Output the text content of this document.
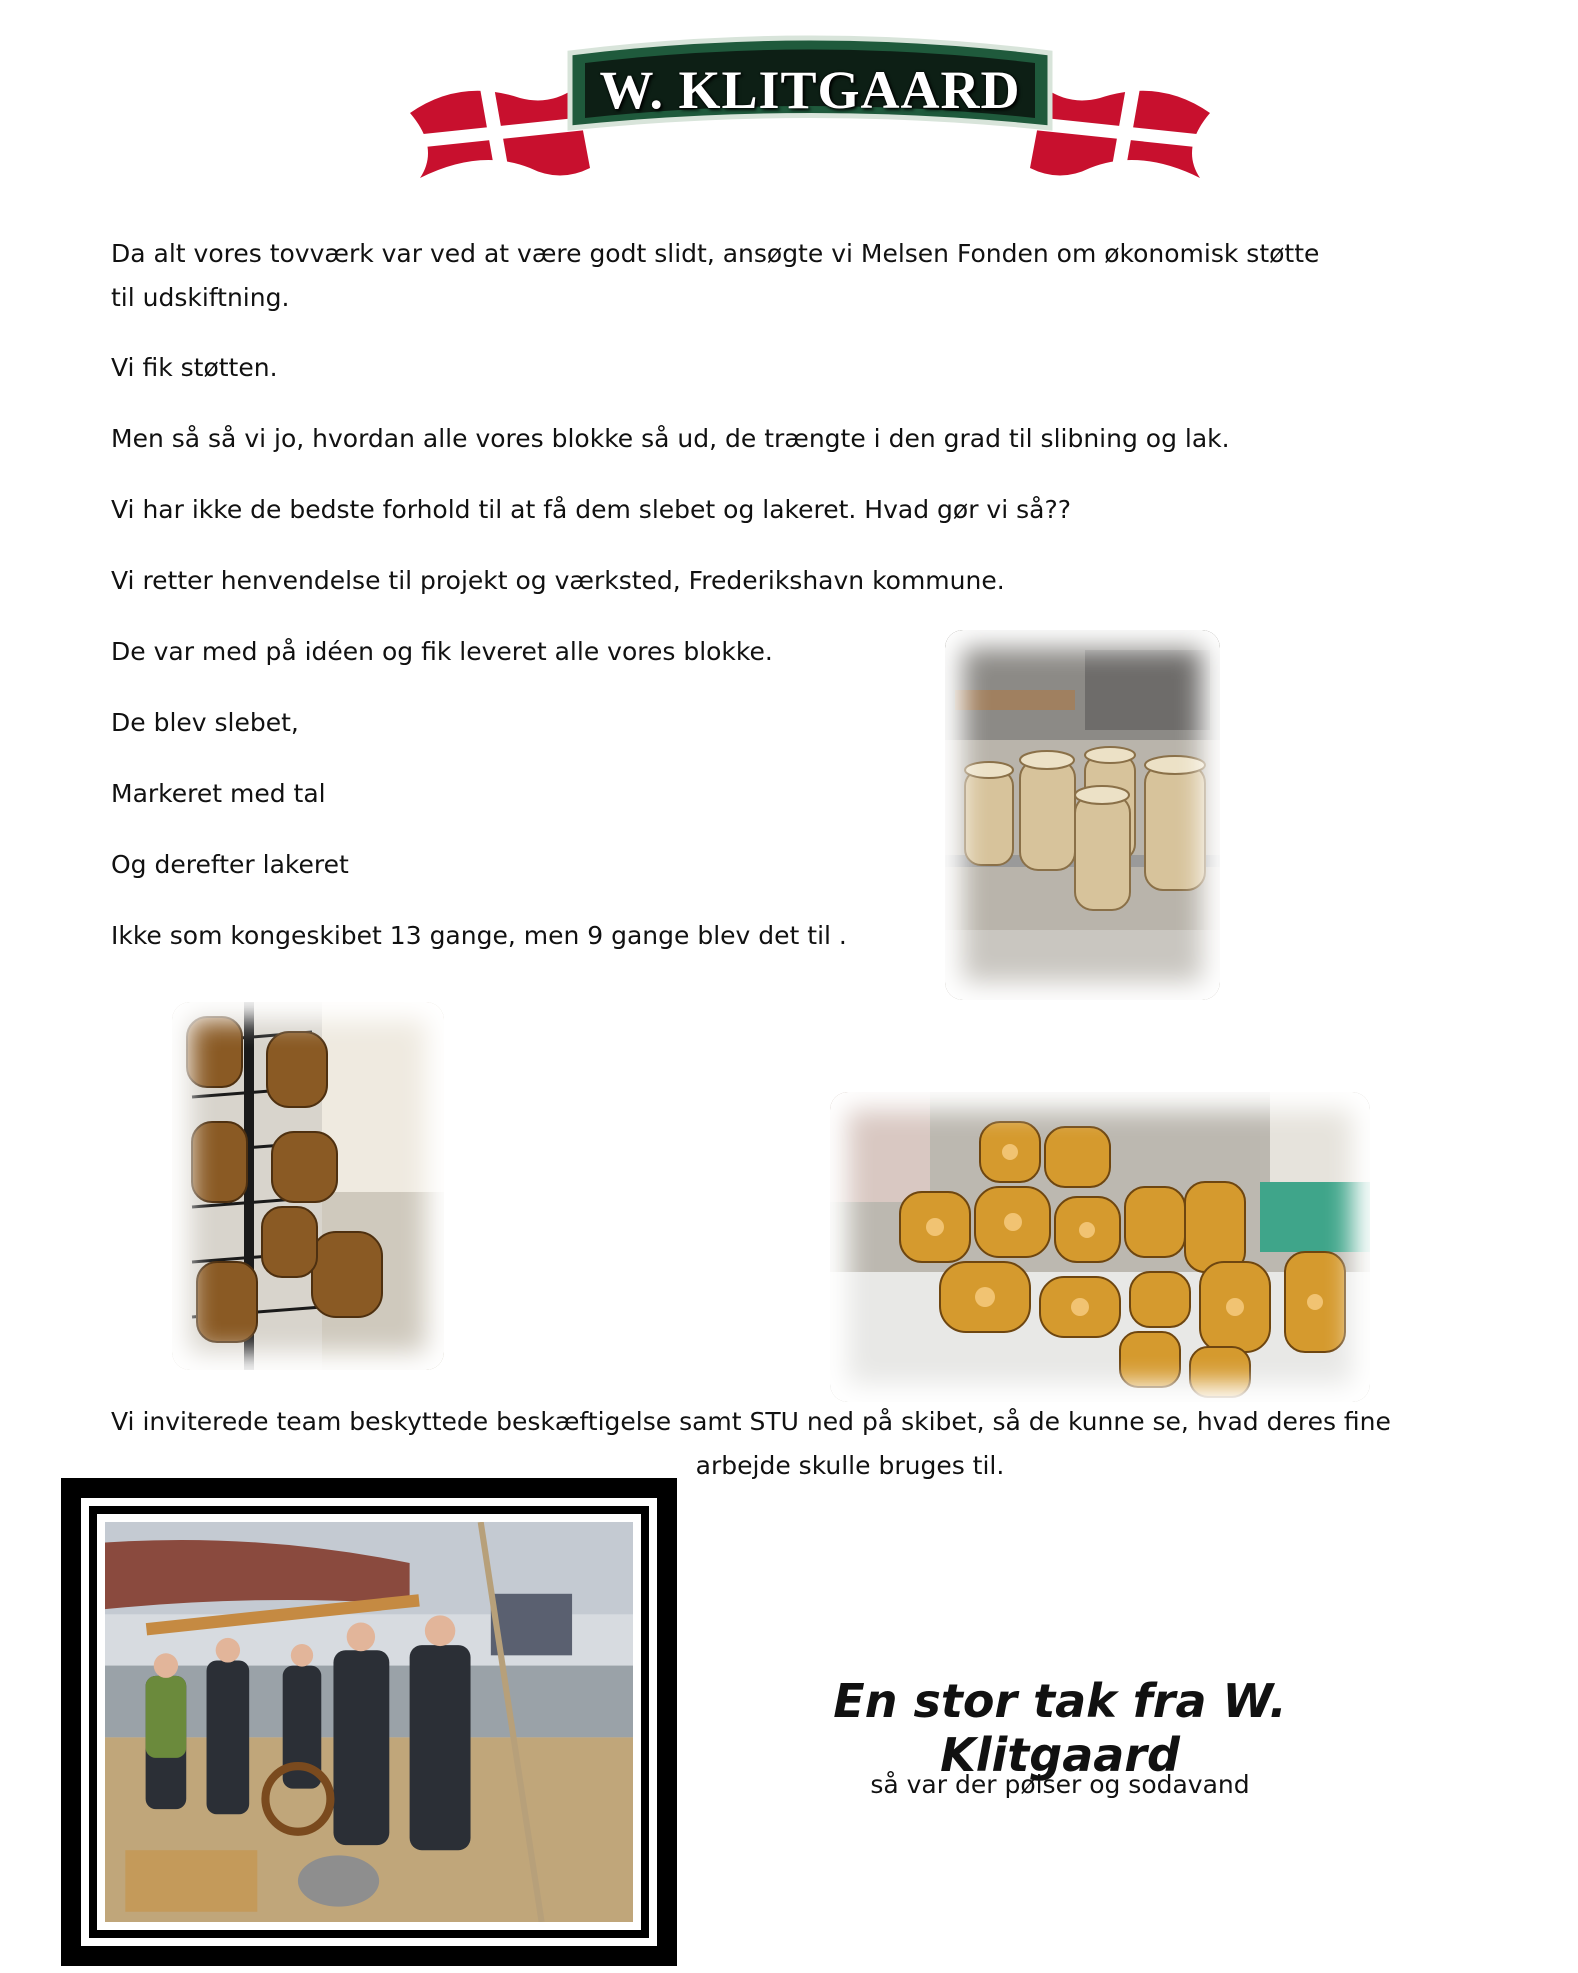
W. KLITGAARD

Da alt vores tovværk var ved at være godt slidt, ansøgte vi Melsen Fonden om økonomisk støtte til udskiftning.

Vi fik støtten.

Men så så vi jo, hvordan alle vores blokke så ud, de trængte i den grad til slibning og lak.

Vi har ikke de bedste forhold til at få dem slebet og lakeret. Hvad gør vi så??

Vi retter henvendelse til projekt og værksted, Frederikshavn kommune.

De var med på idéen og fik leveret alle vores blokke.

De blev slebet,

Markeret med tal

Og derefter lakeret

Ikke som kongeskibet 13 gange, men 9 gange blev det til .

Vi inviterede team beskyttede beskæftigelse samt STU ned på skibet, så de kunne se, hvad deres fine

arbejde skulle bruges til.

En stor tak fra W. Klitgaard

så var der pølser og sodavand
